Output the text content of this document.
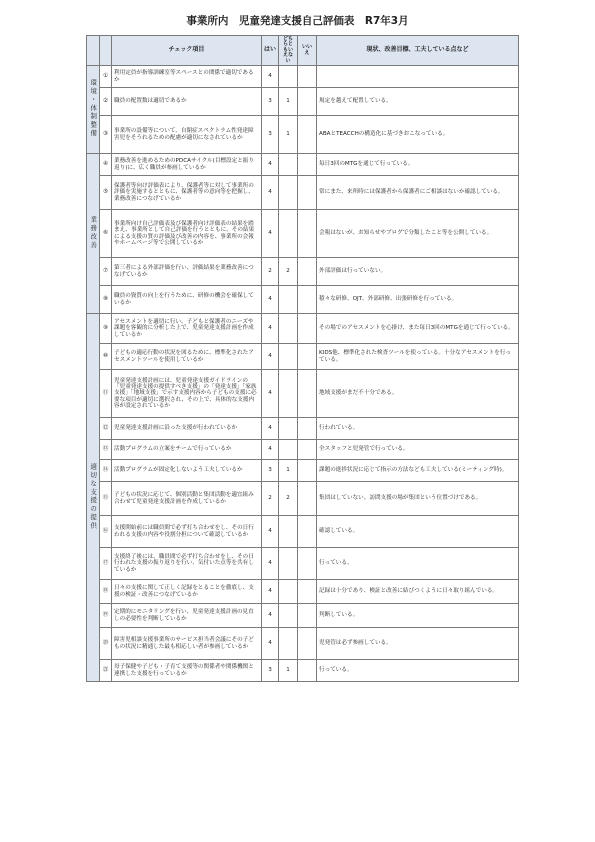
事業所内　児童発達支援自己評価表　R7年3月
		チェック項目	はい	どちらともいえない	いいえ	現状、改善目標、工夫している点など
環境・体制整備	①	利用定員が指導訓練室等スペースとの関係で適切であるか	4			
	②	職員の配置数は適切であるか	3	1		規定を越えて配置している。
	③	事業所の設備等について、自閉症スペクトラム性発達障害児をそうれるための配慮が適切になされているか	3	1		ABAとTEACCHの構造化に基づきおこなっている。
業務改善	④	業務改善を進めるためのPDCAサイクル(目標設定と振り返り)に、広く職員が参画しているか	4			毎日3回のMTGを通じて行っている。
	⑤	保護者等向け評価表により、保護者等に対して事業所の評価を実施するとともに、保護者等の意向等を把握し、業務改善につなげているか	4			常にまた、来所時には保護者から保護者にご相談はないか確認している。
	⑥	事業所向け自己評価表及び保護者向け評価表の結果を踏まえ、事業所として自己評価を行うとともに、その結果による支援の質の評価及び改善の内容を、事業所の会報やホームページ等で公開しているか	4			会報はないが、お知らせやブログで分類したこと等を公開している。
	⑦	第三者による外部評価を行い、評価結果を業務改善につなげているか	2	2		外部評価は行っていない。
	⑧	職員の資質の向上を行うために、研修の機会を確保しているか	4			積々な研修、OJT、外部研修、出張研修を行っている。
適切な支援の提供	⑨	アセスメントを適切に行い、子どもと保護者のニーズや課題を客観的に分析した上で、児童発達支援計画を作成しているか	4			その場でのアセスメントを心掛け、また毎日3回のMTGを通じて行っている。
	⑩	子どもの適応行動の状況を図るために、標準化されたアセスメントツールを使用しているか	4			KIDS他、標準化された検査ツールを使っている。十分なアセスメントを行っている。
	⑪	児童発達支援計画には、児童発達支援ガイドラインの「児童発達支援の提供すべき支援」の「発達支援」「家族支援」「地域支援」で示す支援内容から子どもの支援に必要な項目が適切に選択され、その上で、具体的な支援内容が設定されているか	4			地域支援がまだ不十分である。
	⑫	児童発達支援計画に沿った支援が行われているか	4			行われている。
	⑬	活動プログラムの立案をチームで行っているか	4			全スタッフと児発管で行っている。
	⑭	活動プログラムが固定化しないよう工夫しているか	3	1		課題の進捗状況に応じて指示の方法なども工夫している(ミーティング時)。
	⑮	子どもの状況に応じて、個別活動と集団活動を適宜組み合わせて児童発達支援計画を作成しているか	2	2		集団はしていない。訪問支援の場が集団という位置づけである。
	⑯	支援開始前には職員間で必ず打ち合わせをし、その日行われる支援の内容や役割分担について確認しているか	4			確認している。
	⑰	支援終了後には、職員間で必ず打ち合わせをし、その日行われた支援の振り返りを行い、気付いた点等を共有しているか	4			行っている。
	⑱	日々の支援に関して正しく記録をとることを徹底し、支援の検証・改善につなげているか	4			記録は十分であり、検証と改善に結びつくように日々取り組んでいる。
	⑲	定期的にモニタリングを行い、児童発達支援計画の見直しの必要性を判断しているか	4			判断している。
	⑳	障害児相談支援事業所のサービス担当者会議にその子どもの状況に精通した最も相応しい者が参画しているか	4			児発管は必ず参画している。
	㉑	母子保健や子ども・子育て支援等の関係者や関係機関と連携した支援を行っているか	3	1		行っている。
